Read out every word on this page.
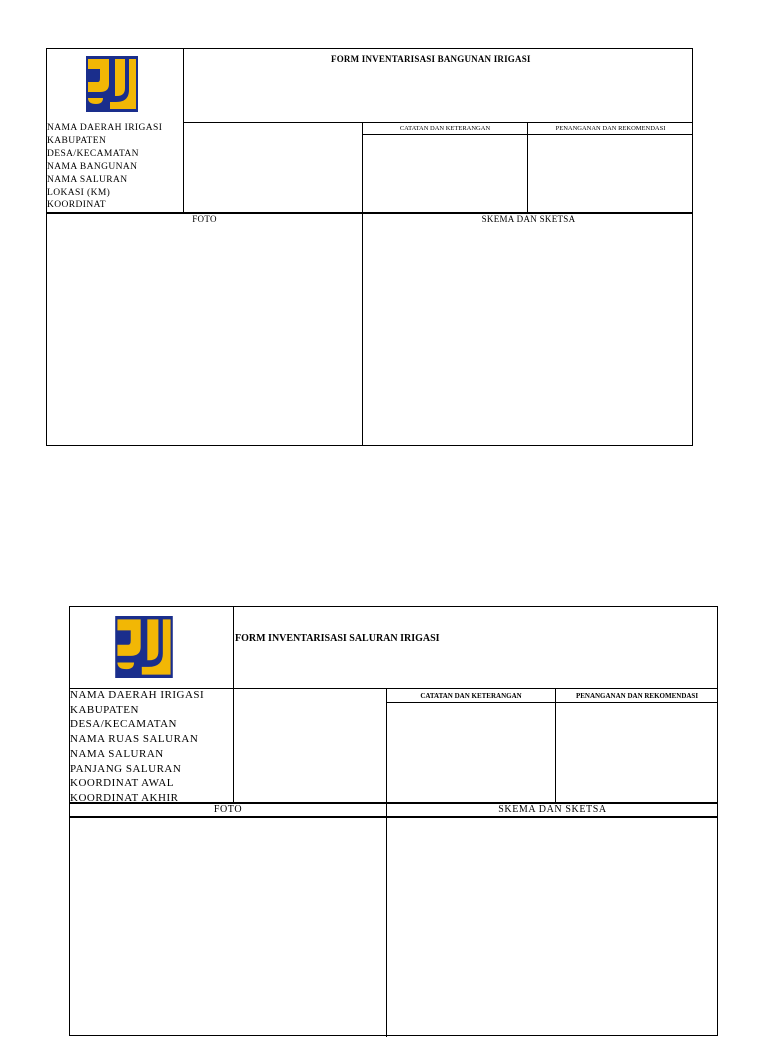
FORM INVENTARISASI BANGUNAN IRIGASI
NAMA DAERAH IRIGASI
KABUPATEN
DESA/KECAMATAN
NAMA BANGUNAN
NAMA SALURAN
LOKASI (KM)
KOORDINAT
CATATAN DAN KETERANGAN	PENANGANAN DAN REKOMENDASI
FOTO	SKEMA DAN SKETSA
FORM INVENTARISASI SALURAN IRIGASI
NAMA DAERAH IRIGASI
KABUPATEN
DESA/KECAMATAN
NAMA RUAS SALURAN
NAMA SALURAN
PANJANG SALURAN
KOORDINAT AWAL
KOORDINAT AKHIR
CATATAN DAN KETERANGAN	PENANGANAN DAN REKOMENDASI
FOTO	SKEMA DAN SKETSA
